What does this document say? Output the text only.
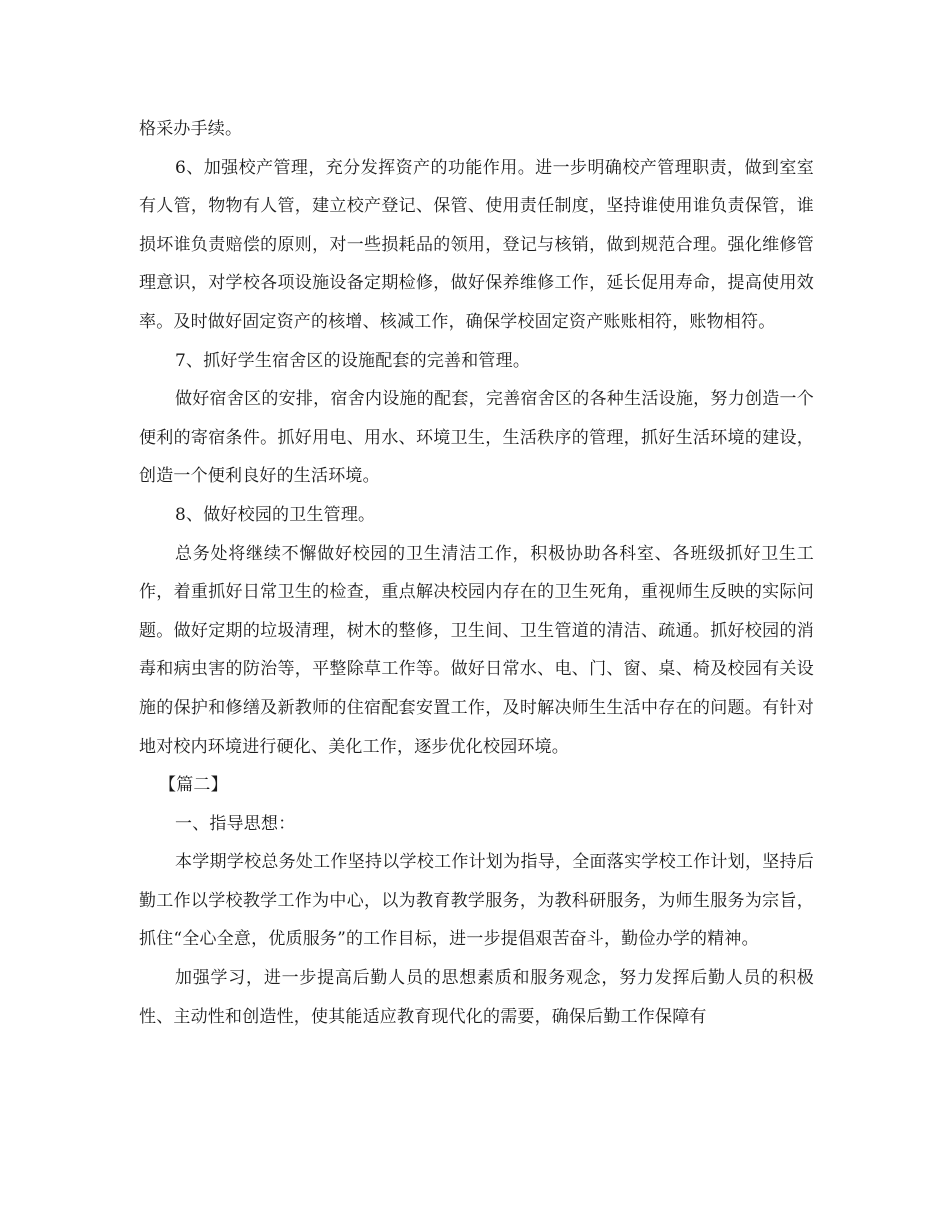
格采办手续。

6、加强校产管理，充分发挥资产的功能作用。进一步明确校产管理职责，做到室室有人管，物物有人管，建立校产登记、保管、使用责任制度，坚持谁使用谁负责保管，谁损坏谁负责赔偿的原则，对一些损耗品的领用，登记与核销，做到规范合理。强化维修管理意识，对学校各项设施设备定期检修，做好保养维修工作，延长促用寿命，提高使用效率。及时做好固定资产的核增、核减工作，确保学校固定资产账账相符，账物相符。

7、抓好学生宿舍区的设施配套的完善和管理。

做好宿舍区的安排，宿舍内设施的配套，完善宿舍区的各种生活设施，努力创造一个便利的寄宿条件。抓好用电、用水、环境卫生，生活秩序的管理，抓好生活环境的建设，创造一个便利良好的生活环境。

8、做好校园的卫生管理。

总务处将继续不懈做好校园的卫生清洁工作，积极协助各科室、各班级抓好卫生工作，着重抓好日常卫生的检查，重点解决校园内存在的卫生死角，重视师生反映的实际问题。做好定期的垃圾清理，树木的整修，卫生间、卫生管道的清洁、疏通。抓好校园的消毒和病虫害的防治等，平整除草工作等。做好日常水、电、门、窗、桌、椅及校园有关设施的保护和修缮及新教师的住宿配套安置工作，及时解决师生生活中存在的问题。有针对地对校内环境进行硬化、美化工作，逐步优化校园环境。

【篇二】

一、指导思想：

本学期学校总务处工作坚持以学校工作计划为指导，全面落实学校工作计划，坚持后勤工作以学校教学工作为中心，以为教育教学服务，为教科研服务，为师生服务为宗旨，抓住“全心全意，优质服务”的工作目标，进一步提倡艰苦奋斗，勤俭办学的精神。

加强学习，进一步提高后勤人员的思想素质和服务观念，努力发挥后勤人员的积极性、主动性和创造性，使其能适应教育现代化的需要，确保后勤工作保障有
